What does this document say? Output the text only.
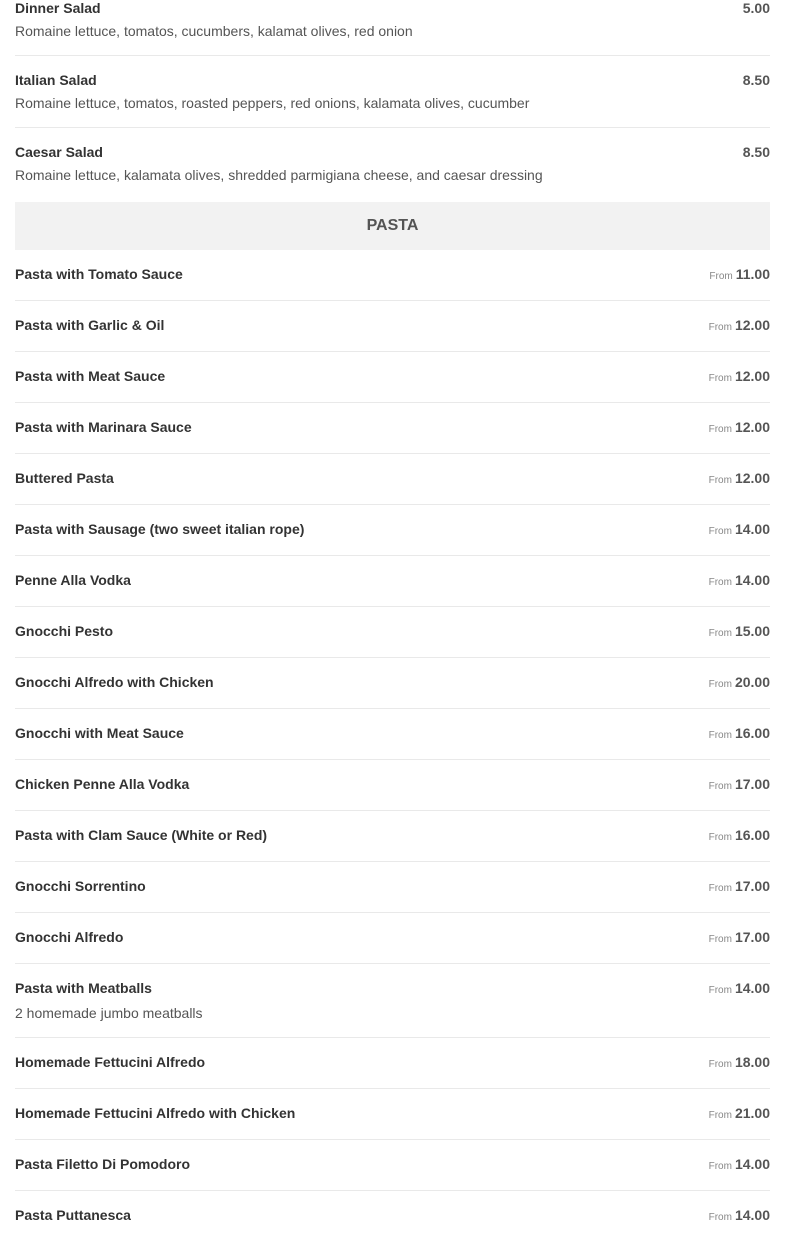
Dinner Salad	5.00
Romaine lettuce, tomatos, cucumbers, kalamat olives, red onion
Italian Salad	8.50
Romaine lettuce, tomatos, roasted peppers, red onions, kalamata olives, cucumber
Caesar Salad	8.50
Romaine lettuce, kalamata olives, shredded parmigiana cheese, and caesar dressing
PASTA
Pasta with Tomato Sauce	From 11.00
Pasta with Garlic & Oil	From 12.00
Pasta with Meat Sauce	From 12.00
Pasta with Marinara Sauce	From 12.00
Buttered Pasta	From 12.00
Pasta with Sausage (two sweet italian rope)	From 14.00
Penne Alla Vodka	From 14.00
Gnocchi Pesto	From 15.00
Gnocchi Alfredo with Chicken	From 20.00
Gnocchi with Meat Sauce	From 16.00
Chicken Penne Alla Vodka	From 17.00
Pasta with Clam Sauce (White or Red)	From 16.00
Gnocchi Sorrentino	From 17.00
Gnocchi Alfredo	From 17.00
Pasta with Meatballs	From 14.00
2 homemade jumbo meatballs
Homemade Fettucini Alfredo	From 18.00
Homemade Fettucini Alfredo with Chicken	From 21.00
Pasta Filetto Di Pomodoro	From 14.00
Pasta Puttanesca	From 14.00
